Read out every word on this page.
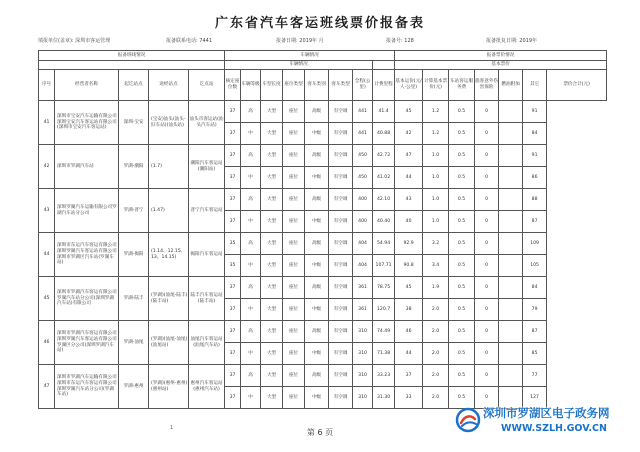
广东省汽车客运班线票价报备表
填报单位(盖章): 深圳市客运管理	报备联系电话: 7441	报备日期: 2019年 月	报备号: 128	报备批复日期: 2019年
报备班线情况					车辆情况								报备票价情况						
					车辆情况								基本票价						
序号	经营者名称	起讫站点	途经站点	讫点站	核定座位数	车辆等级	车型长度	座位类型	客车类别	客车类型	全程(公里)	计费里程	基本运价(元/人·公里)	计算基本票价(元)	车站客运服务费	旅客意外伤害保险	燃油附加	其它	票价合计(元)
41	深圳市宝安汽车运输有限公司深圳宝安汽车客运站有限公司(深圳市宝安汽车客运站)	深圳-宝安	(宝安)汕头(汕头-旧车站)(汕头站)	汕头市客运站(汕头汽车站)	37	高	大型	座位	高级	有空调	441	41.4	45	1.2	0.5	0		91	
					37	中	大型	座位	中级	有空调	441	40.88	42	1.2	0.5	0		84	
42	深圳市罗湖汽车站	罗湖-潮阳	(1.7)	潮阳汽车客运站(潮阳站)	37	高	大型	座位	高级	有空调	450	42.72	47	1.0	0.5	0		91	
					37	中	大型	座位	中级	有空调	450	41.02	44	1.0	0.5	0		86	
43	深圳罗湖汽车运输有限公司罗湖汽车站分公司	罗湖-普宁	(1.47)	普宁汽车客运站	37	高	大型	座位	高级	有空调	400	42.10	43	1.0	0.5	0		88	
					37	中	大型	座位	中级	有空调	400	40.40	40	1.0	0.5	0		87	
44	深圳市东运汽车客运有限公司深圳罗湖汽车客运站有限公司深圳市罗湖区汽车站(罗湖车站)	罗湖-揭阳	(1.14、12.15、13、14.15)	揭阳汽车客运站	35	高	大型	座位	高级	有空调	404	54.94	92.9	3.2	0.5	0		109	
					35	中	大型	座位	中级	有空调	404	107.71	90.8	3.4	0.5	0		105	
45	深圳市罗湖汽车客运有限公司罗湖汽车站分公司(深圳罗湖汽车站)有限公司	罗湖-陆丰	(罗湖)(汕尾-陆丰)(陆丰站)	陆丰汽车客运站(陆丰站)	37	高	大型	座位	高级	有空调	361	78.75	45	1.9	0.5	0		84	
					37	中	大型	座位	中级	有空调	361	120.7	38	2.0	0.5	0		79	
46	深圳市罗湖汽车客运有限公司深圳罗湖汽车客运站有限公司罗湖区分公司(深圳罗湖汽车站)	罗湖-汕尾	(罗湖)(汕尾-汕尾)(汕尾站)	汕尾汽车客运站(汕尾汽车站)	37	高	大型	座位	高级	有空调	310	74.49	46	2.0	0.5	0		87	
					37	中	大型	座位	中级	有空调	310	71.38	44	2.0	0.5	0		85	
47	深圳市罗湖汽车运输有限公司深圳市东运汽车客运有限公司深圳罗湖汽车站分公司(罗湖车站)	罗湖-惠州	(罗湖)(惠州-惠州)(惠州站)	惠州汽车客运站(惠州汽车站)	37	高	大型	座位	高级	有空调	310	33.23	37	2.0	0.5	0		77	
					37	中	大型	座位	中级	有空调	310	31.30	33	2.0	0.5	0		127	
1	第 6 页
深圳市罗湖区电子政务网
WWW.SZLH.GOV.CN
